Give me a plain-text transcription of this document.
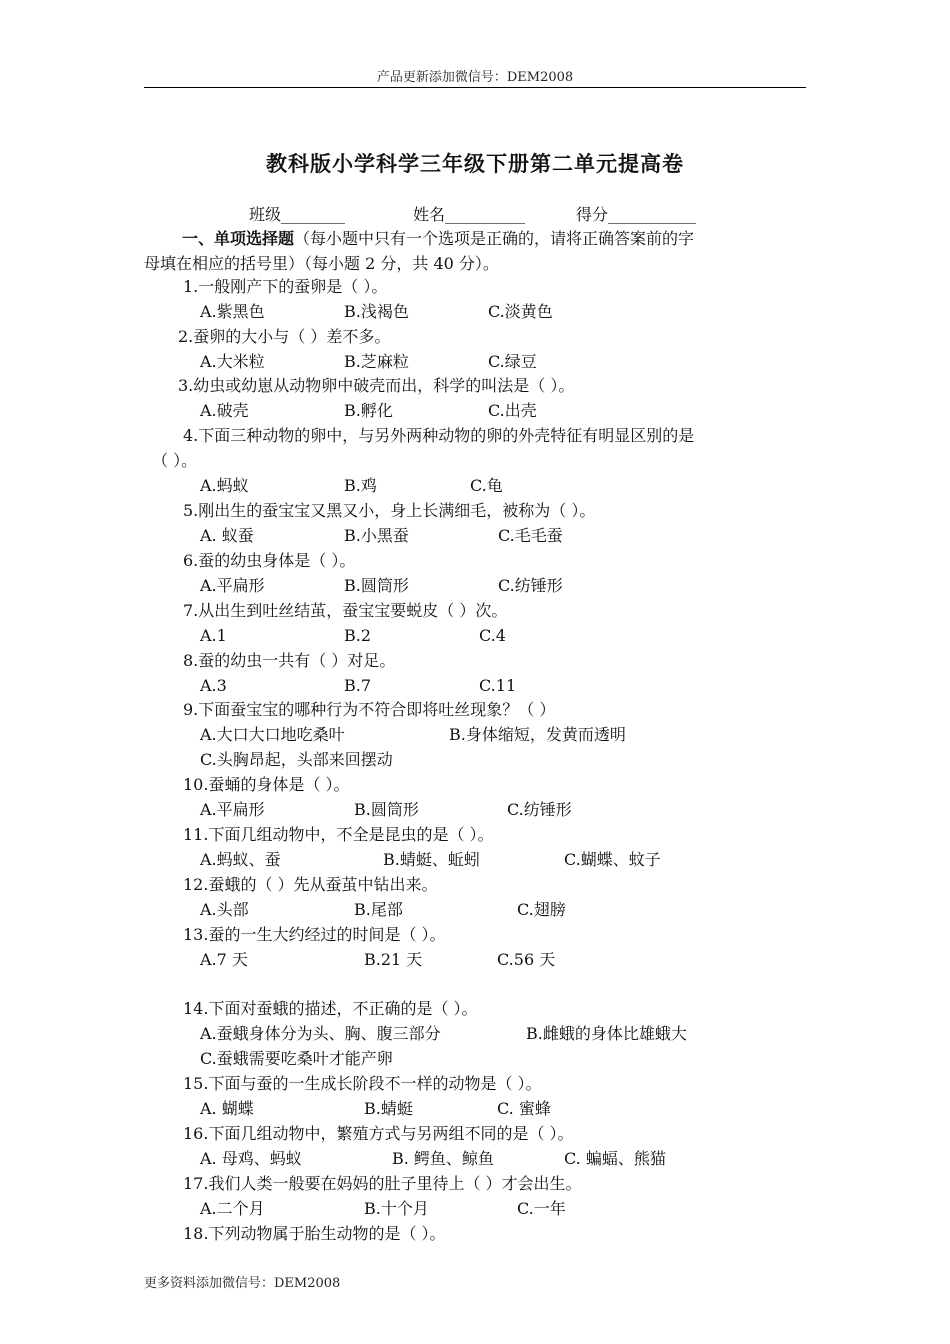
产品更新添加微信号：DEM2008
教科版小学科学三年级下册第二单元提高卷
班级________	姓名__________	得分___________
一、单项选择题（每小题中只有一个选项是正确的，请将正确答案前的字
母填在相应的括号里）（每小题 2 分，共 40 分）。
1.一般刚产下的蚕卵是（ ）。
A.紫黑色	B.浅褐色	C.淡黄色
2.蚕卵的大小与（ ）差不多。
A.大米粒	B.芝麻粒	C.绿豆
3.幼虫或幼崽从动物卵中破壳而出，科学的叫法是（ ）。
A.破壳	B.孵化	C.出壳
4.下面三种动物的卵中，与另外两种动物的卵的外壳特征有明显区别的是
（ ）。
A.蚂蚁	B.鸡	C.龟
5.刚出生的蚕宝宝又黑又小，身上长满细毛，被称为（ ）。
A. 蚁蚕	B.小黑蚕	C.毛毛蚕
6.蚕的幼虫身体是（ ）。
A.平扁形	B.圆筒形	C.纺锤形
7.从出生到吐丝结茧，蚕宝宝要蜕皮（ ）次。
A.1	B.2	C.4
8.蚕的幼虫一共有（ ）对足。
A.3	B.7	C.11
9.下面蚕宝宝的哪种行为不符合即将吐丝现象？（ ）
A.大口大口地吃桑叶	B.身体缩短，发黄而透明
C.头胸昂起，头部来回摆动
10.蚕蛹的身体是（ ）。
A.平扁形	B.圆筒形	C.纺锤形
11.下面几组动物中，不全是昆虫的是（ ）。
A.蚂蚁、蚕	B.蜻蜓、蚯蚓	C.蝴蝶、蚊子
12.蚕蛾的（ ）先从蚕茧中钻出来。
A.头部	B.尾部	C.翅膀
13.蚕的一生大约经过的时间是（ ）。
A.7 天	B.21 天	C.56 天
14.下面对蚕蛾的描述，不正确的是（ ）。
A.蚕蛾身体分为头、胸、腹三部分	B.雌蛾的身体比雄蛾大
C.蚕蛾需要吃桑叶才能产卵
15.下面与蚕的一生成长阶段不一样的动物是（ ）。
A. 蝴蝶	B.蜻蜓	C. 蜜蜂
16.下面几组动物中，繁殖方式与另两组不同的是（ ）。
A. 母鸡、蚂蚁	B. 鳄鱼、鲸鱼	C. 蝙蝠、熊猫
17.我们人类一般要在妈妈的肚子里待上（ ）才会出生。
A.二个月	B.十个月	C.一年
18.下列动物属于胎生动物的是（ ）。
更多资料添加微信号：DEM2008
